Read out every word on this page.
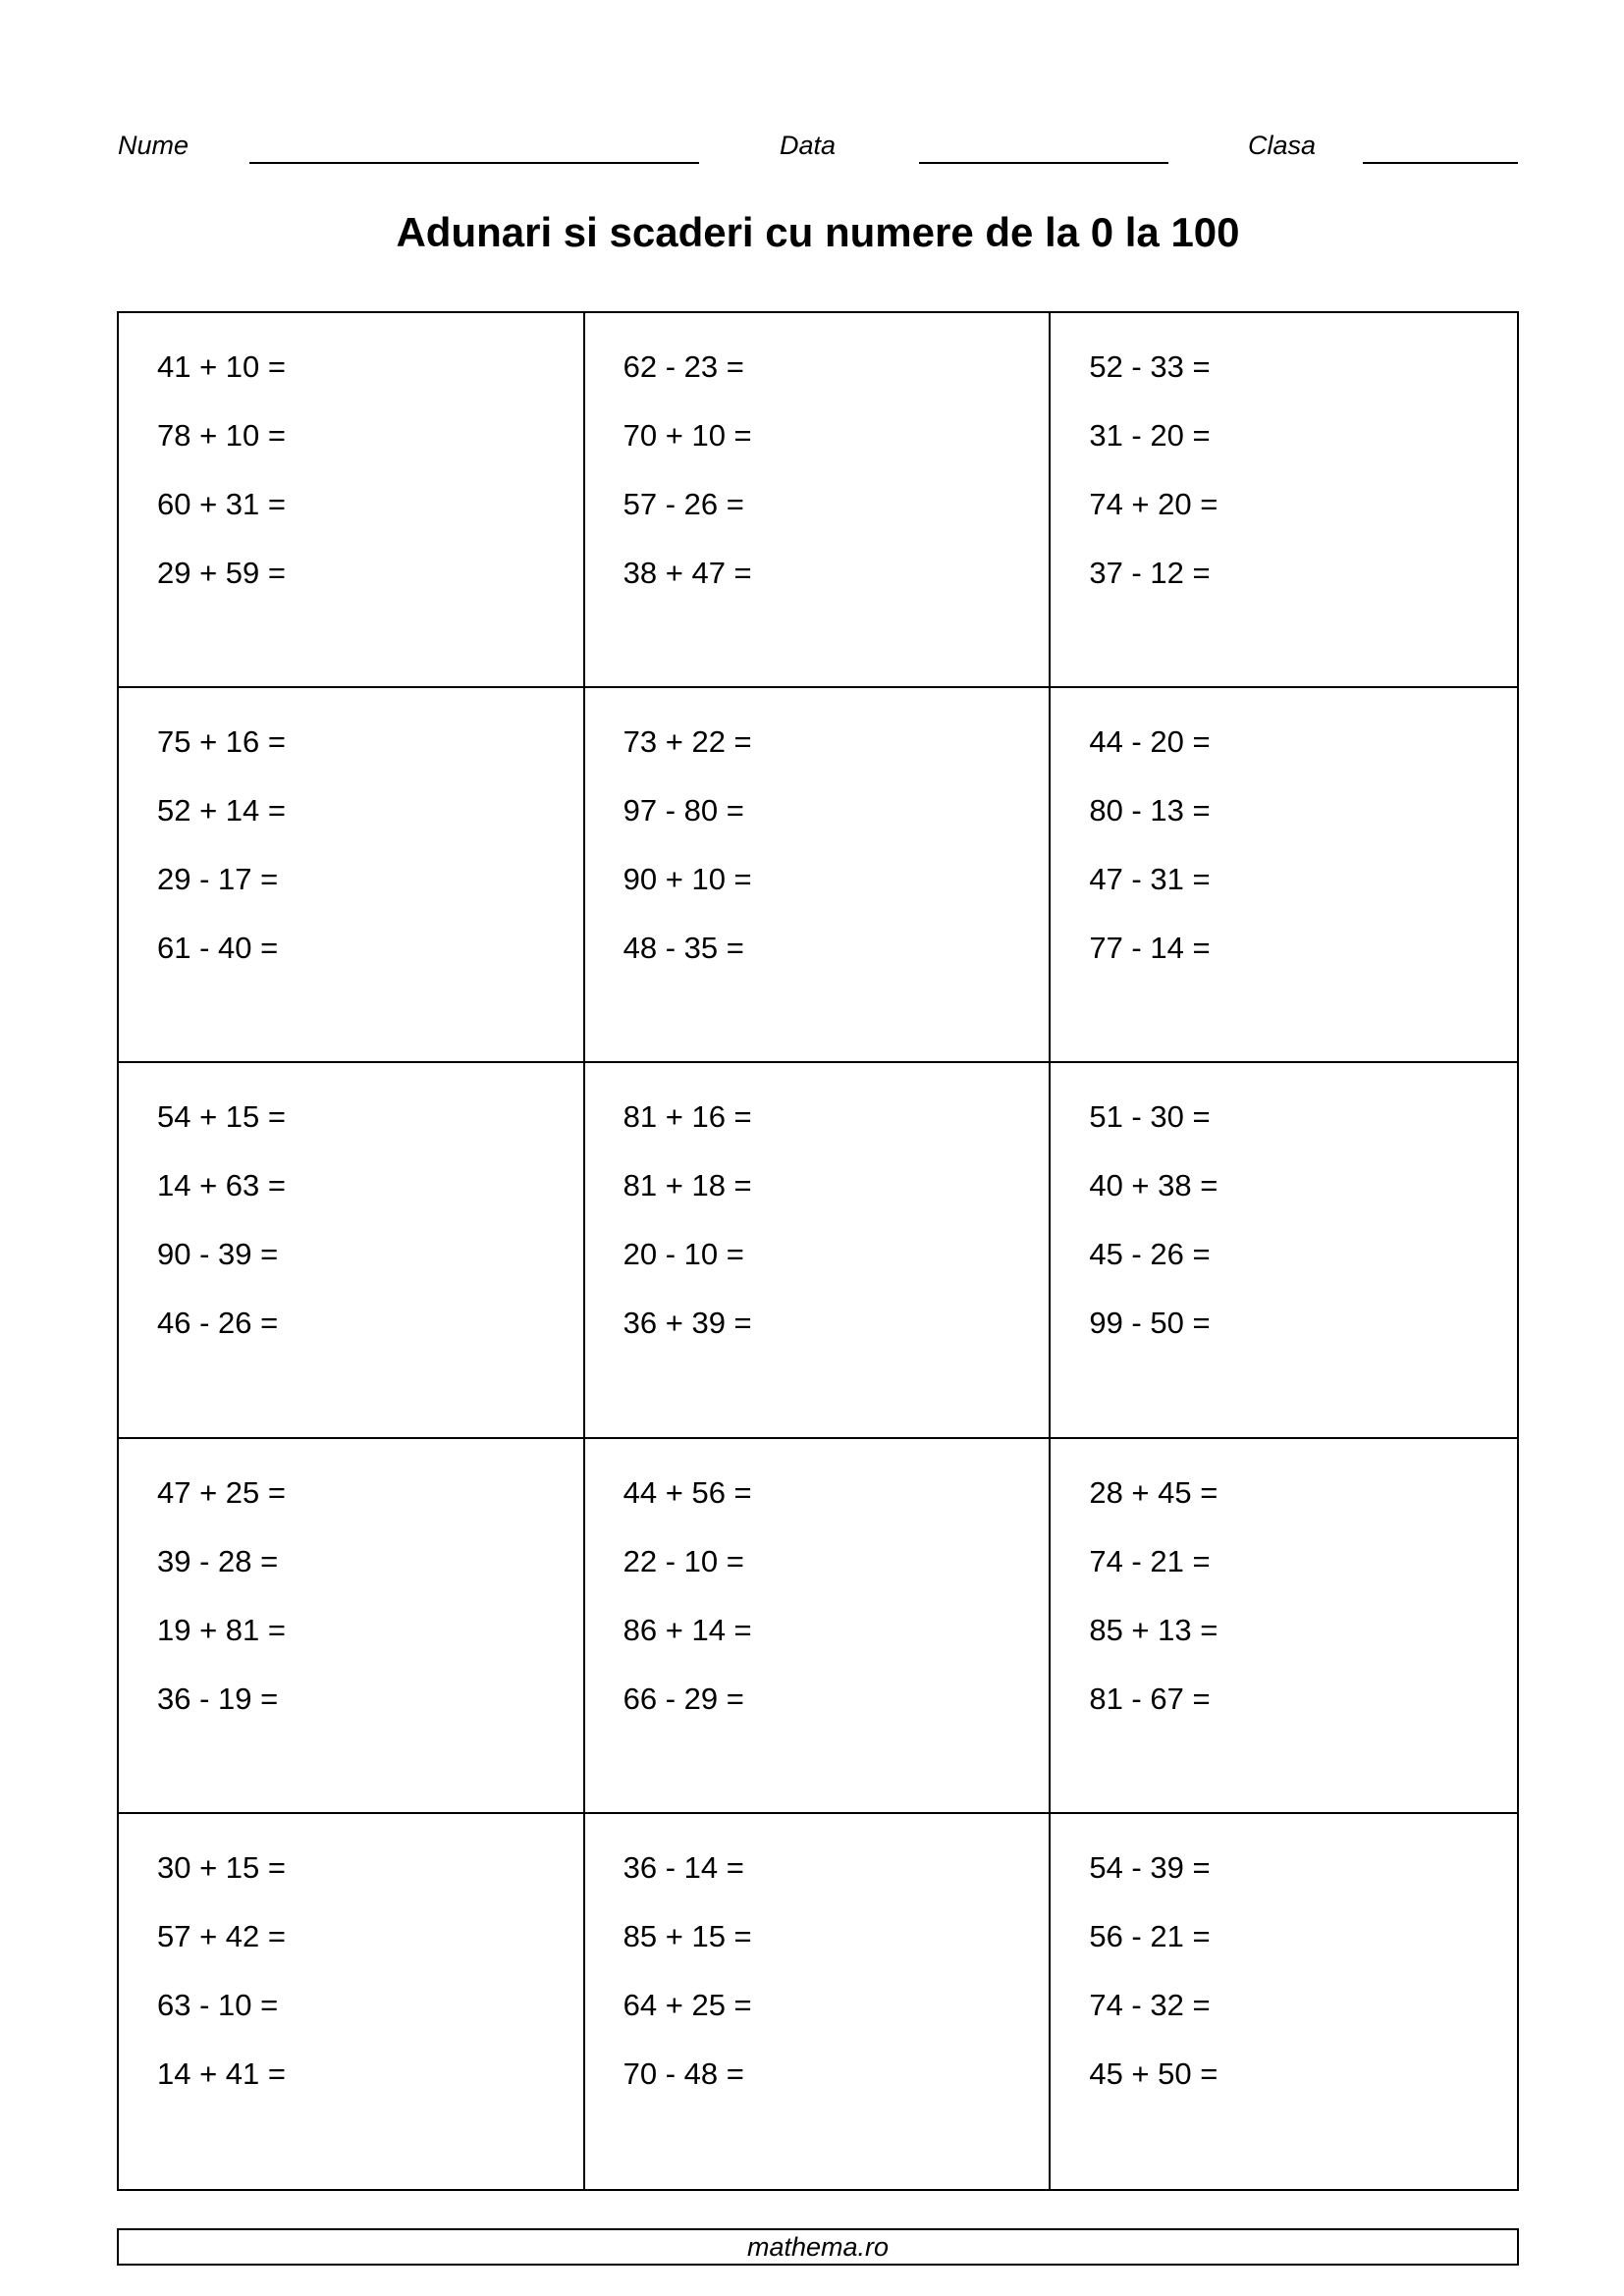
Nume	Data	Clasa
Adunari si scaderi cu numere de la 0 la 100
41 + 10 =
78 + 10 =
60 + 31 =
29 + 59 =
62 - 23 =
70 + 10 =
57 - 26 =
38 + 47 =
52 - 33 =
31 - 20 =
74 + 20 =
37 - 12 =
75 + 16 =
52 + 14 =
29 - 17 =
61 - 40 =
73 + 22 =
97 - 80 =
90 + 10 =
48 - 35 =
44 - 20 =
80 - 13 =
47 - 31 =
77 - 14 =
54 + 15 =
14 + 63 =
90 - 39 =
46 - 26 =
81 + 16 =
81 + 18 =
20 - 10 =
36 + 39 =
51 - 30 =
40 + 38 =
45 - 26 =
99 - 50 =
47 + 25 =
39 - 28 =
19 + 81 =
36 - 19 =
44 + 56 =
22 - 10 =
86 + 14 =
66 - 29 =
28 + 45 =
74 - 21 =
85 + 13 =
81 - 67 =
30 + 15 =
57 + 42 =
63 - 10 =
14 + 41 =
36 - 14 =
85 + 15 =
64 + 25 =
70 - 48 =
54 - 39 =
56 - 21 =
74 - 32 =
45 + 50 =
mathema.ro
